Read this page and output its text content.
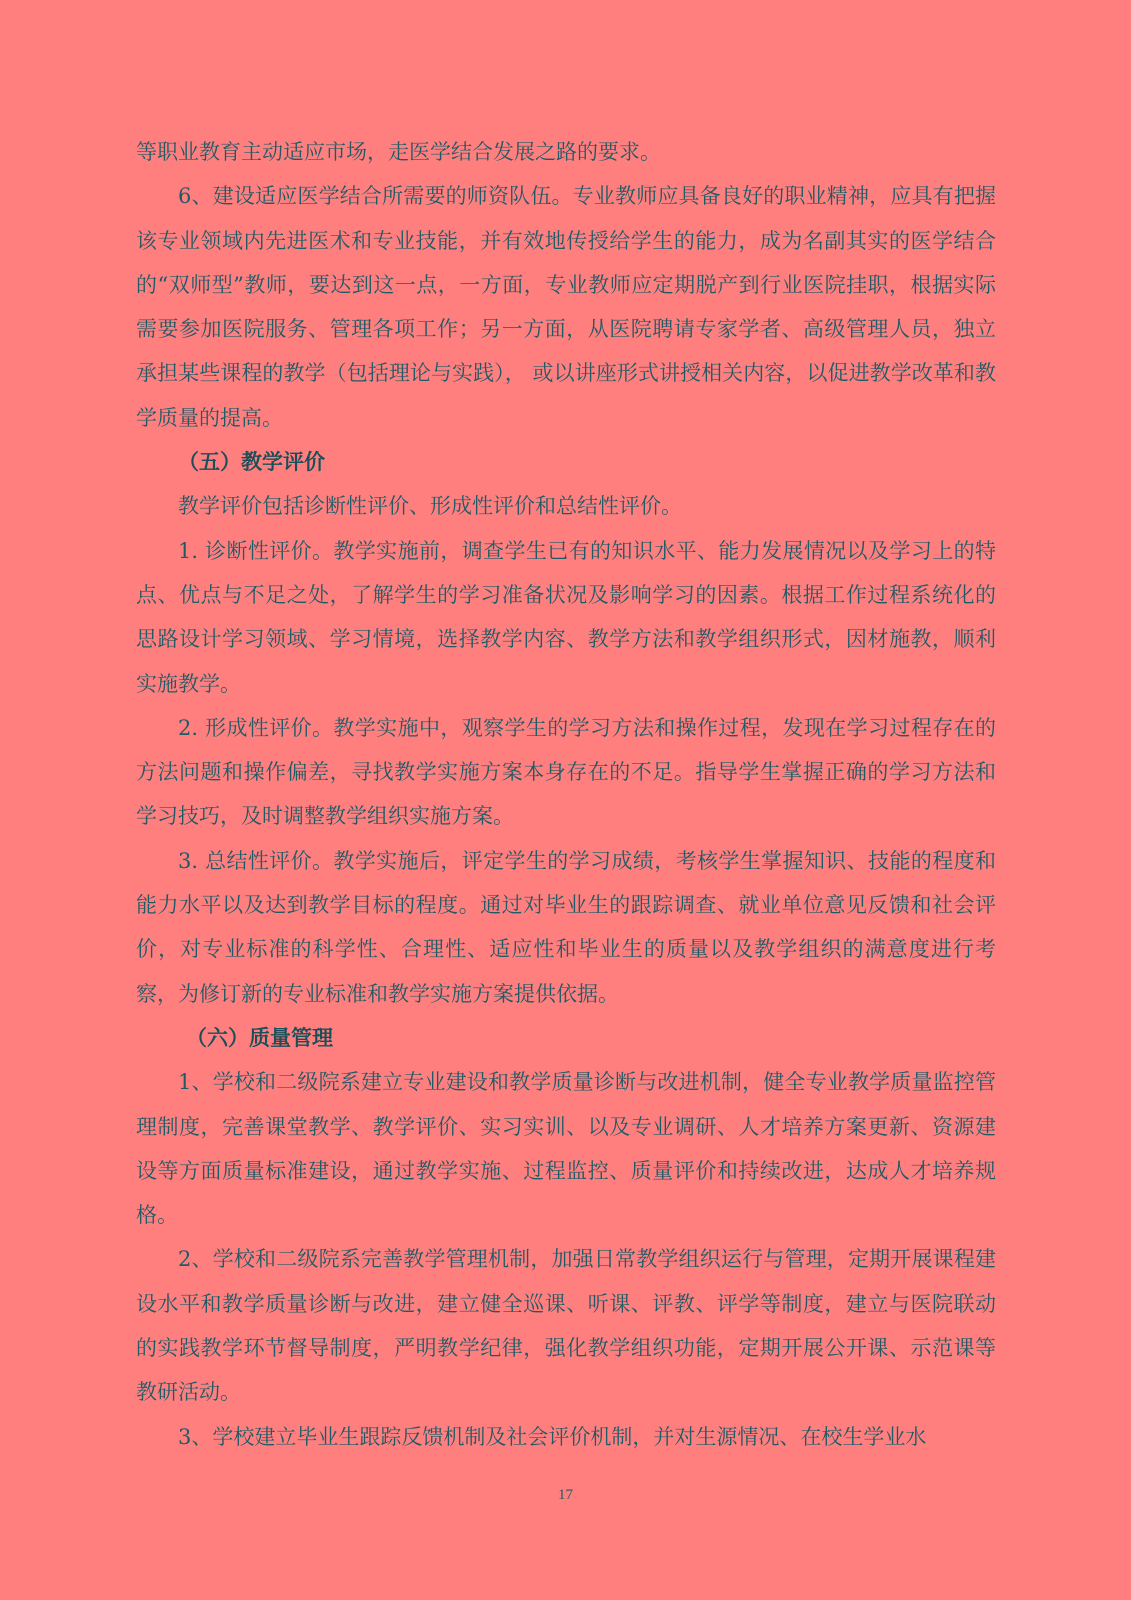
等职业教育主动适应市场，走医学结合发展之路的要求。

6、建设适应医学结合所需要的师资队伍。专业教师应具备良好的职业精神，应具有把握该专业领域内先进医术和专业技能，并有效地传授给学生的能力，成为名副其实的医学结合的“双师型”教师，要达到这一点，一方面，专业教师应定期脱产到行业医院挂职，根据实际需要参加医院服务、管理各项工作；另一方面，从医院聘请专家学者、高级管理人员，独立承担某些课程的教学（包括理论与实践）， 或以讲座形式讲授相关内容，以促进教学改革和教学质量的提高。

（五）教学评价

教学评价包括诊断性评价、形成性评价和总结性评价。

1. 诊断性评价。教学实施前，调查学生已有的知识水平、能力发展情况以及学习上的特点、优点与不足之处，了解学生的学习准备状况及影响学习的因素。根据工作过程系统化的思路设计学习领域、学习情境，选择教学内容、教学方法和教学组织形式，因材施教，顺利实施教学。

2. 形成性评价。教学实施中，观察学生的学习方法和操作过程，发现在学习过程存在的方法问题和操作偏差，寻找教学实施方案本身存在的不足。指导学生掌握正确的学习方法和学习技巧，及时调整教学组织实施方案。

3. 总结性评价。教学实施后，评定学生的学习成绩，考核学生掌握知识、技能的程度和能力水平以及达到教学目标的程度。通过对毕业生的跟踪调查、就业单位意见反馈和社会评价，对专业标准的科学性、合理性、适应性和毕业生的质量以及教学组织的满意度进行考察，为修订新的专业标准和教学实施方案提供依据。

（六）质量管理

1、学校和二级院系建立专业建设和教学质量诊断与改进机制，健全专业教学质量监控管理制度，完善课堂教学、教学评价、实习实训、以及专业调研、人才培养方案更新、资源建设等方面质量标准建设，通过教学实施、过程监控、质量评价和持续改进，达成人才培养规格。

2、学校和二级院系完善教学管理机制，加强日常教学组织运行与管理，定期开展课程建设水平和教学质量诊断与改进，建立健全巡课、听课、评教、评学等制度，建立与医院联动的实践教学环节督导制度，严明教学纪律，强化教学组织功能，定期开展公开课、示范课等教研活动。

3、学校建立毕业生跟踪反馈机制及社会评价机制，并对生源情况、在校生学业水

17
